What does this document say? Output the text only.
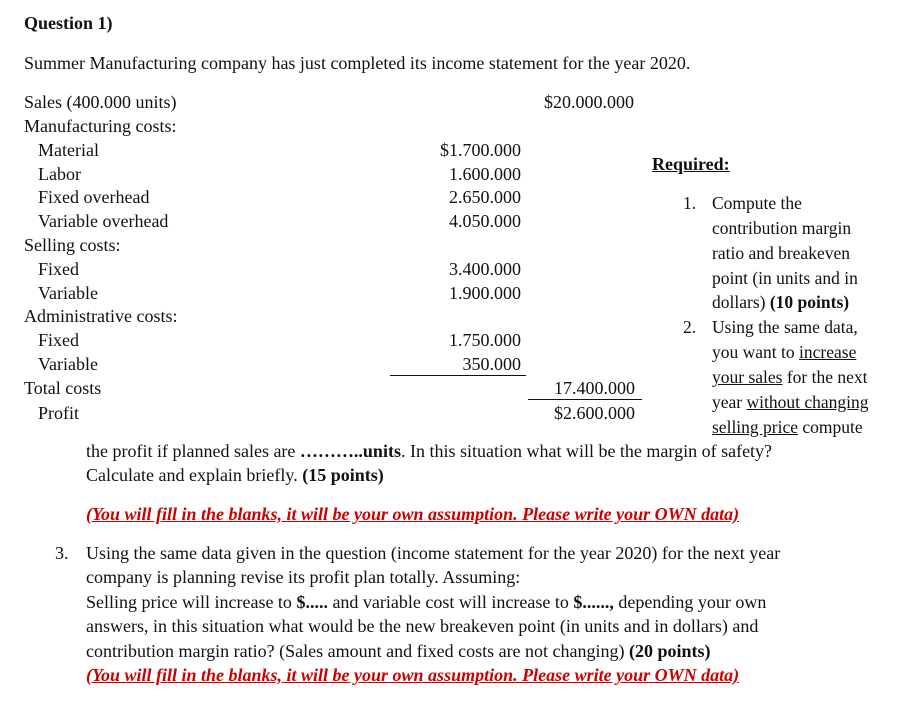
Question 1)
Summer Manufacturing company has just completed its income statement for the year 2020.
Sales (400.000 units)	$20.000.000
Manufacturing costs:
Material	$1.700.000
Labor	1.600.000
Fixed overhead	2.650.000
Variable overhead	4.050.000
Selling costs:
Fixed	3.400.000
Variable	1.900.000
Administrative costs:
Fixed	1.750.000
Variable	350.000
Total costs	17.400.000
Profit	$2.600.000
Required:
1. Compute the
contribution margin
ratio and breakeven
point (in units and in
dollars) (10 points)
2. Using the same data,
you want to increase
your sales for the next
year without changing
selling price compute
the profit if planned sales are ………..units. In this situation what will be the margin of safety?
Calculate and explain briefly. (15 points)
(You will fill in the blanks, it will be your own assumption. Please write your OWN data)
3. Using the same data given in the question (income statement for the year 2020) for the next year
company is planning revise its profit plan totally. Assuming:
Selling price will increase to $..... and variable cost will increase to $......, depending your own
answers, in this situation what would be the new breakeven point (in units and in dollars) and
contribution margin ratio? (Sales amount and fixed costs are not changing) (20 points)
(You will fill in the blanks, it will be your own assumption. Please write your OWN data)
